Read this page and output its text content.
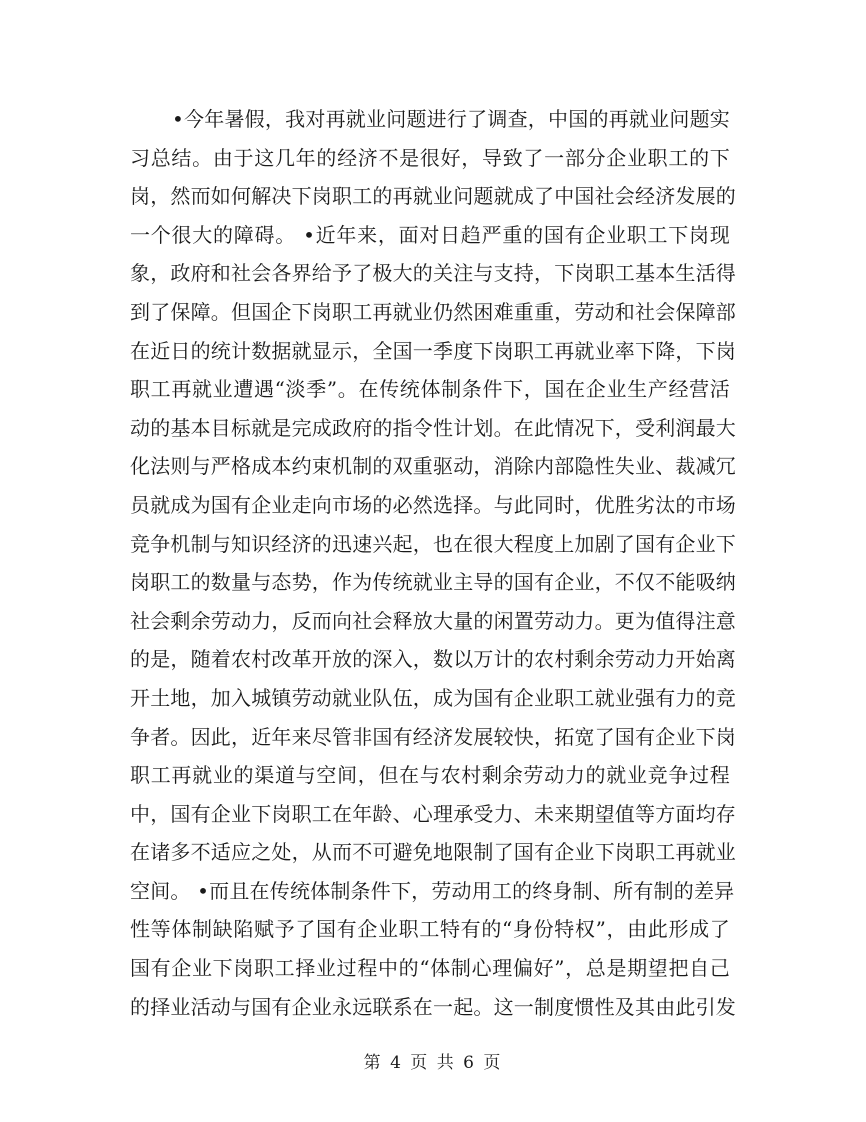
•今年暑假，我对再就业问题进行了调查，中国的再就业问题实
习总结。由于这几年的经济不是很好，导致了一部分企业职工的下
岗，然而如何解决下岗职工的再就业问题就成了中国社会经济发展的
一个很大的障碍。 •近年来，面对日趋严重的国有企业职工下岗现
象，政府和社会各界给予了极大的关注与支持，下岗职工基本生活得
到了保障。但国企下岗职工再就业仍然困难重重，劳动和社会保障部
在近日的统计数据就显示，全国一季度下岗职工再就业率下降，下岗
职工再就业遭遇“淡季”。在传统体制条件下，国在企业生产经营活
动的基本目标就是完成政府的指令性计划。在此情况下，受利润最大
化法则与严格成本约束机制的双重驱动，消除内部隐性失业、裁减冗
员就成为国有企业走向市场的必然选择。与此同时，优胜劣汰的市场
竞争机制与知识经济的迅速兴起，也在很大程度上加剧了国有企业下
岗职工的数量与态势，作为传统就业主导的国有企业，不仅不能吸纳
社会剩余劳动力，反而向社会释放大量的闲置劳动力。更为值得注意
的是，随着农村改革开放的深入，数以万计的农村剩余劳动力开始离
开土地，加入城镇劳动就业队伍，成为国有企业职工就业强有力的竞
争者。因此，近年来尽管非国有经济发展较快，拓宽了国有企业下岗
职工再就业的渠道与空间，但在与农村剩余劳动力的就业竞争过程
中，国有企业下岗职工在年龄、心理承受力、未来期望值等方面均存
在诸多不适应之处，从而不可避免地限制了国有企业下岗职工再就业
空间。 •而且在传统体制条件下，劳动用工的终身制、所有制的差异
性等体制缺陷赋予了国有企业职工特有的“身份特权”，由此形成了
国有企业下岗职工择业过程中的“体制心理偏好”，总是期望把自己
的择业活动与国有企业永远联系在一起。这一制度惯性及其由此引发
第 4 页 共 6 页
